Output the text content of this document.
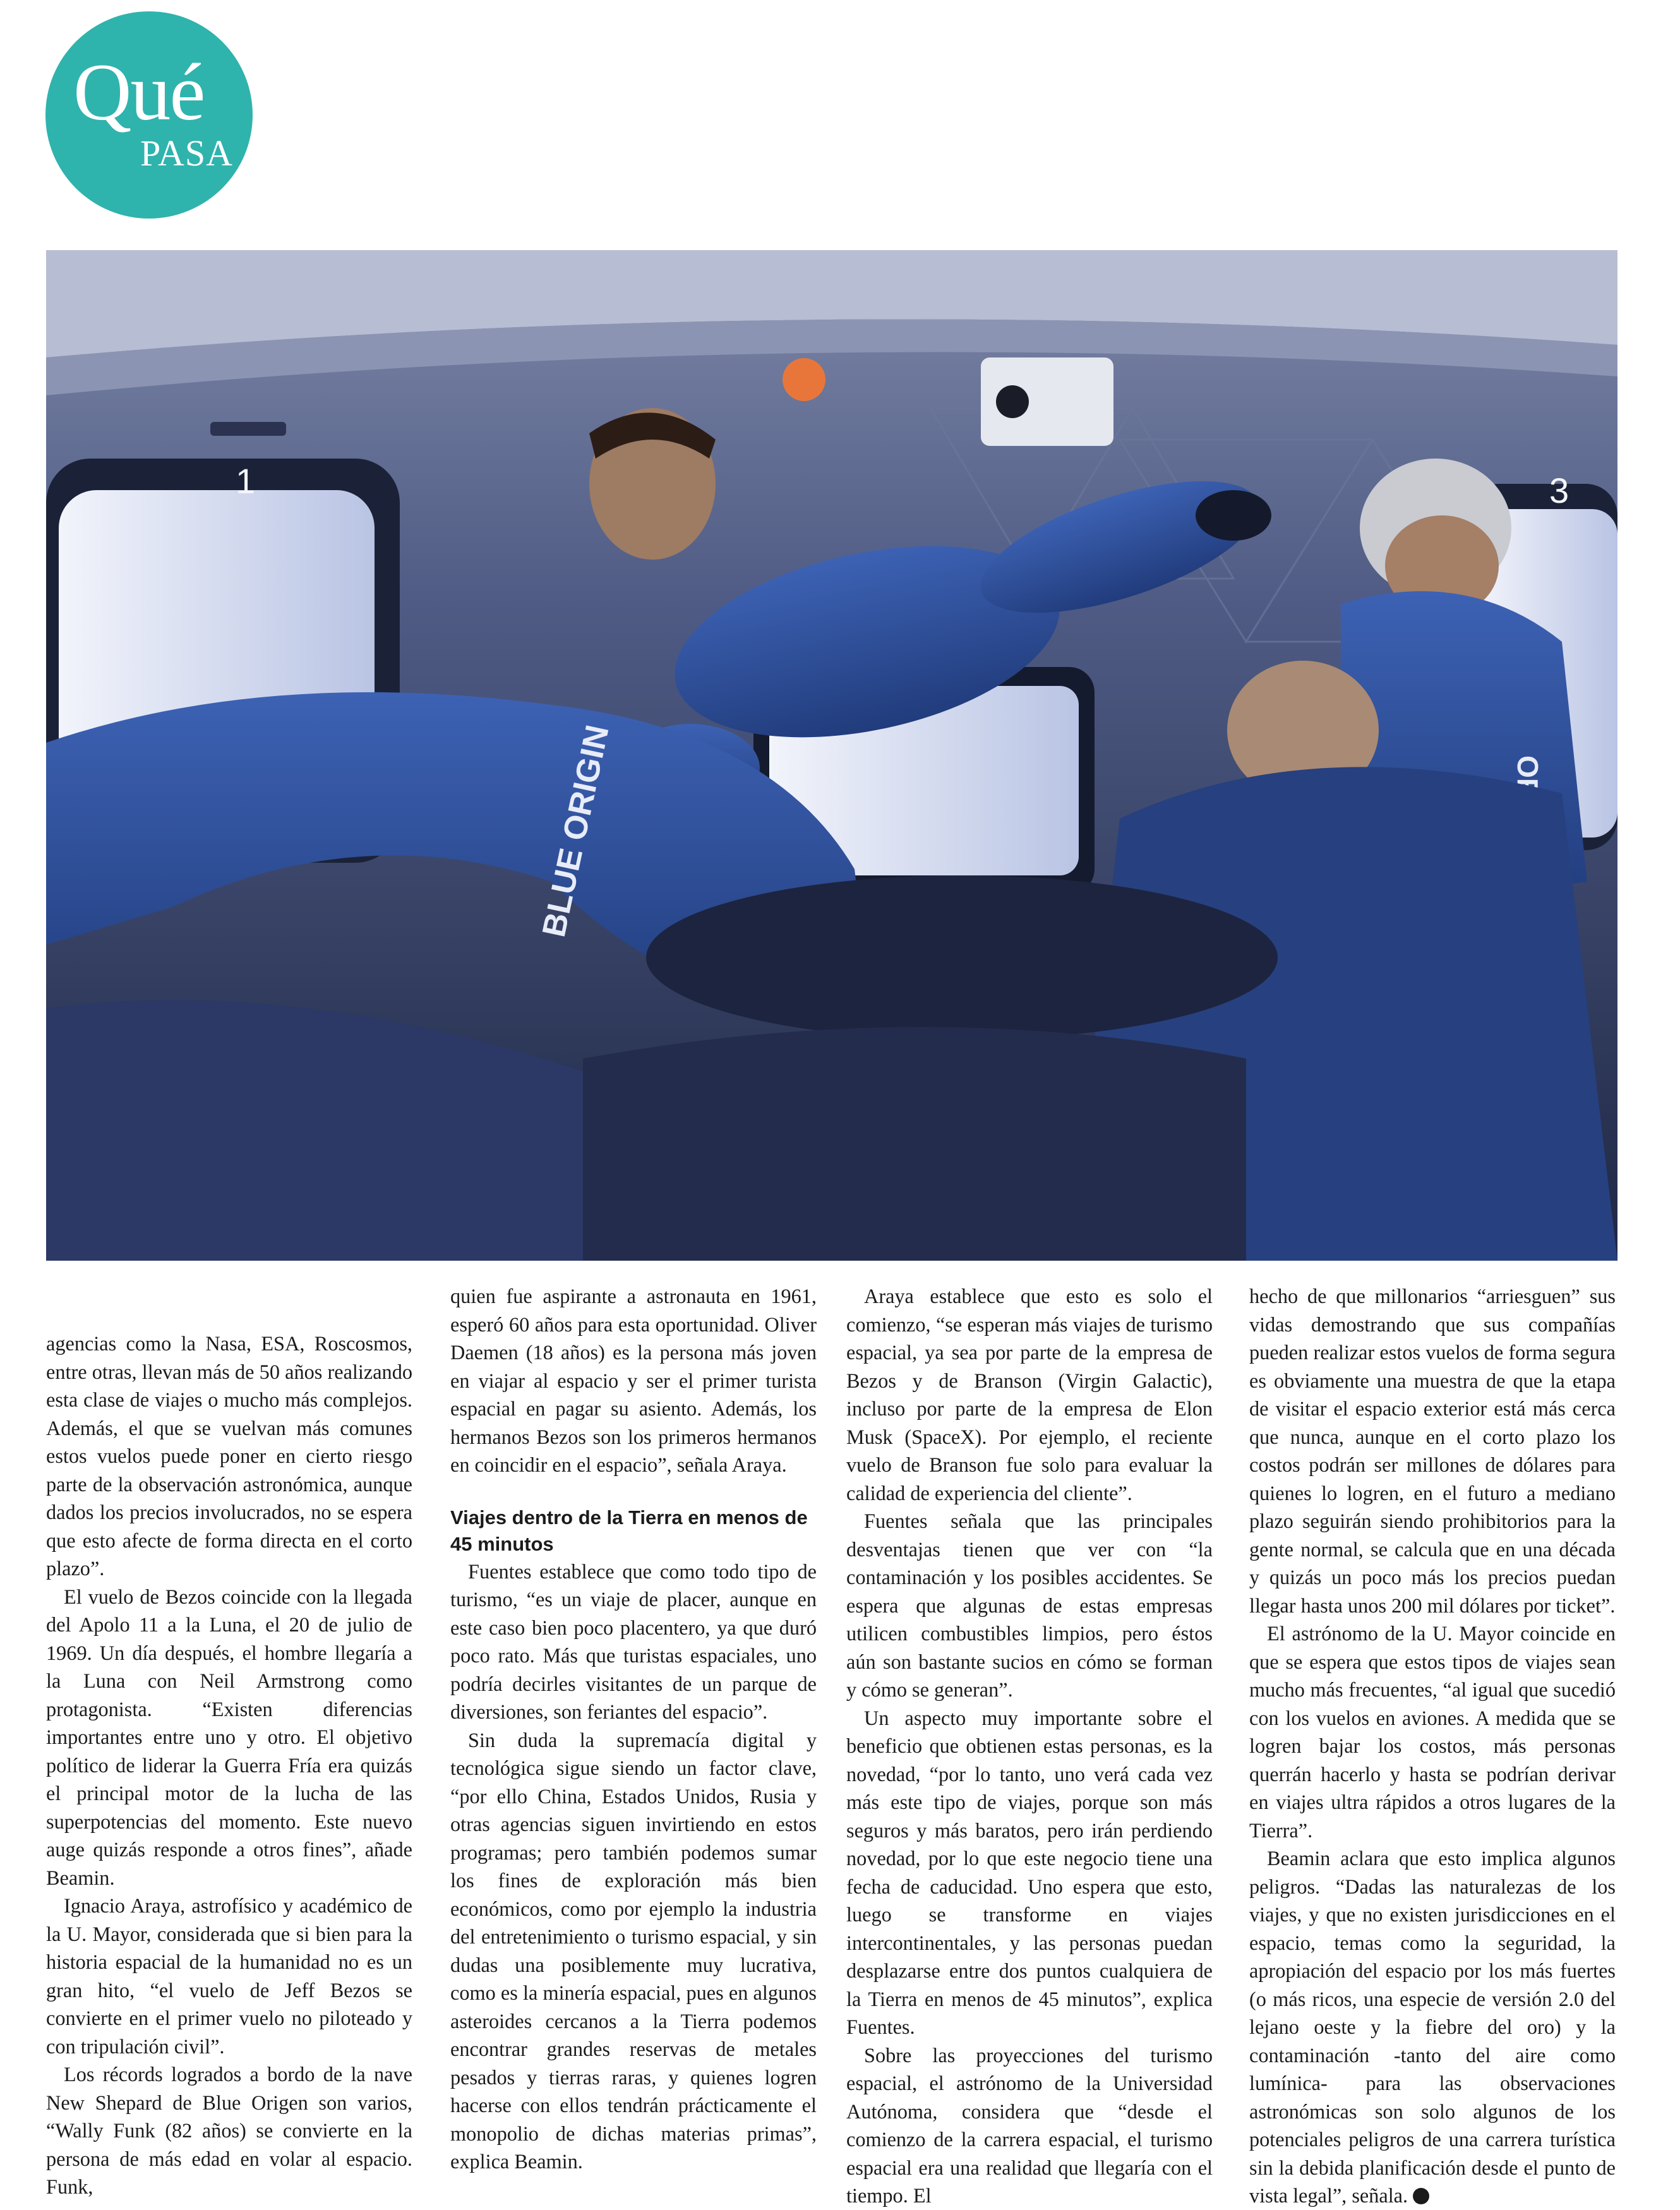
Qué
PASA
1	3
BLUE ORIGIN

agencias como la Nasa, ESA, Roscosmos, entre otras, llevan más de 50 años realizando esta clase de viajes o mucho más complejos. Además, el que se vuelvan más comunes estos vuelos puede poner en cierto riesgo parte de la observación astronómica, aunque dados los precios involucrados, no se espera que esto afecte de forma directa en el corto plazo”.

El vuelo de Bezos coincide con la llegada del Apolo 11 a la Luna, el 20 de julio de 1969. Un día después, el hombre llegaría a la Luna con Neil Armstrong como protagonista. “Existen diferencias importantes entre uno y otro. El objetivo político de liderar la Guerra Fría era quizás el principal motor de la lucha de las superpotencias del momento. Este nuevo auge quizás responde a otros fines”, añade Beamin.

Ignacio Araya, astrofísico y académico de la U. Mayor, considerada que si bien para la historia espacial de la humanidad no es un gran hito, “el vuelo de Jeff Bezos se convierte en el primer vuelo no piloteado y con tripulación civil”.

Los récords logrados a bordo de la nave New Shepard de Blue Origen son varios, “Wally Funk (82 años) se convierte en la persona de más edad en volar al espacio. Funk,

quien fue aspirante a astronauta en 1961, esperó 60 años para esta oportunidad. Oliver Daemen (18 años) es la persona más joven en viajar al espacio y ser el primer turista espacial en pagar su asiento. Además, los hermanos Bezos son los primeros hermanos en coincidir en el espacio”, señala Araya.

Viajes dentro de la Tierra en menos de 45 minutos

Fuentes establece que como todo tipo de turismo, “es un viaje de placer, aunque en este caso bien poco placentero, ya que duró poco rato. Más que turistas espaciales, uno podría decirles visitantes de un parque de diversiones, son feriantes del espacio”.

Sin duda la supremacía digital y tecnológica sigue siendo un factor clave, “por ello China, Estados Unidos, Rusia y otras agencias siguen invirtiendo en estos programas; pero también podemos sumar los fines de exploración más bien económicos, como por ejemplo la industria del entretenimiento o turismo espacial, y sin dudas una posiblemente muy lucrativa, como es la minería espacial, pues en algunos asteroides cercanos a la Tierra podemos encontrar grandes reservas de metales pesados y tierras raras, y quienes logren hacerse con ellos tendrán prácticamente el monopolio de dichas materias primas”, explica Beamin.

Araya establece que esto es solo el comienzo, “se esperan más viajes de turismo espacial, ya sea por parte de la empresa de Bezos y de Branson (Virgin Galactic), incluso por parte de la empresa de Elon Musk (SpaceX). Por ejemplo, el reciente vuelo de Branson fue solo para evaluar la calidad de experiencia del cliente”.

Fuentes señala que las principales desventajas tienen que ver con “la contaminación y los posibles accidentes. Se espera que algunas de estas empresas utilicen combustibles limpios, pero éstos aún son bastante sucios en cómo se forman y cómo se generan”.

Un aspecto muy importante sobre el beneficio que obtienen estas personas, es la novedad, “por lo tanto, uno verá cada vez más este tipo de viajes, porque son más seguros y más baratos, pero irán perdiendo novedad, por lo que este negocio tiene una fecha de caducidad. Uno espera que esto, luego se transforme en viajes intercontinentales, y las personas puedan desplazarse entre dos puntos cualquiera de la Tierra en menos de 45 minutos”, explica Fuentes.

Sobre las proyecciones del turismo espacial, el astrónomo de la Universidad Autónoma, considera que “desde el comienzo de la carrera espacial, el turismo espacial era una realidad que llegaría con el tiempo. El

hecho de que millonarios “arriesguen” sus vidas demostrando que sus compañías pueden realizar estos vuelos de forma segura es obviamente una muestra de que la etapa de visitar el espacio exterior está más cerca que nunca, aunque en el corto plazo los costos podrán ser millones de dólares para quienes lo logren, en el futuro a mediano plazo seguirán siendo prohibitorios para la gente normal, se calcula que en una década y quizás un poco más los precios puedan llegar hasta unos 200 mil dólares por ticket”.

El astrónomo de la U. Mayor coincide en que se espera que estos tipos de viajes sean mucho más frecuentes, “al igual que sucedió con los vuelos en aviones. A medida que se logren bajar los costos, más personas querrán hacerlo y hasta se podrían derivar en viajes ultra rápidos a otros lugares de la Tierra”.

Beamin aclara que esto implica algunos peligros. “Dadas las naturalezas de los viajes, y que no existen jurisdicciones en el espacio, temas como la seguridad, la apropiación del espacio por los más fuertes (o más ricos, una especie de versión 2.0 del lejano oeste y la fiebre del oro) y la contaminación -tanto del aire como lumínica- para las observaciones astronómicas son solo algunos de los potenciales peligros de una carrera turística sin la debida planificación desde el punto de vista legal”, señala.
